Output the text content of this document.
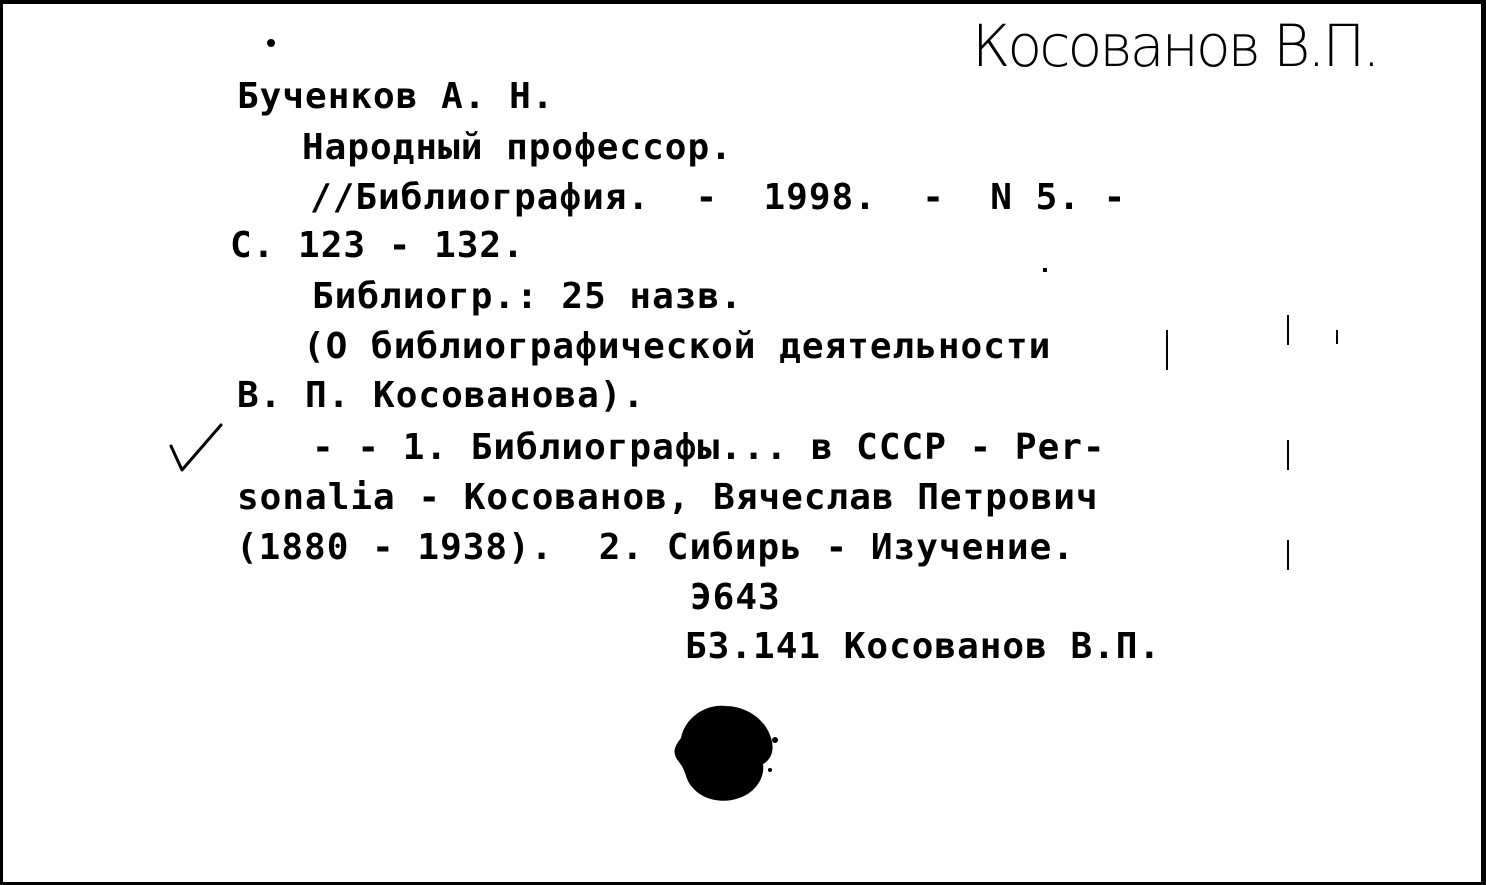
Косованов В.П.
Бученков А. Н.
Народный профессор.
//Библиография.  -  1998.  -  N 5. -
С. 123 - 132.
Библиогр.: 25 назв.
(О библиографической деятельности
В. П. Косованова).
- - 1. Библиографы... в СССР - Per-
sonalia - Косованов, Вячеслав Петрович
(1880 - 1938).  2. Сибирь - Изучение.
Э643
Б3.141 Косованов В.П.
